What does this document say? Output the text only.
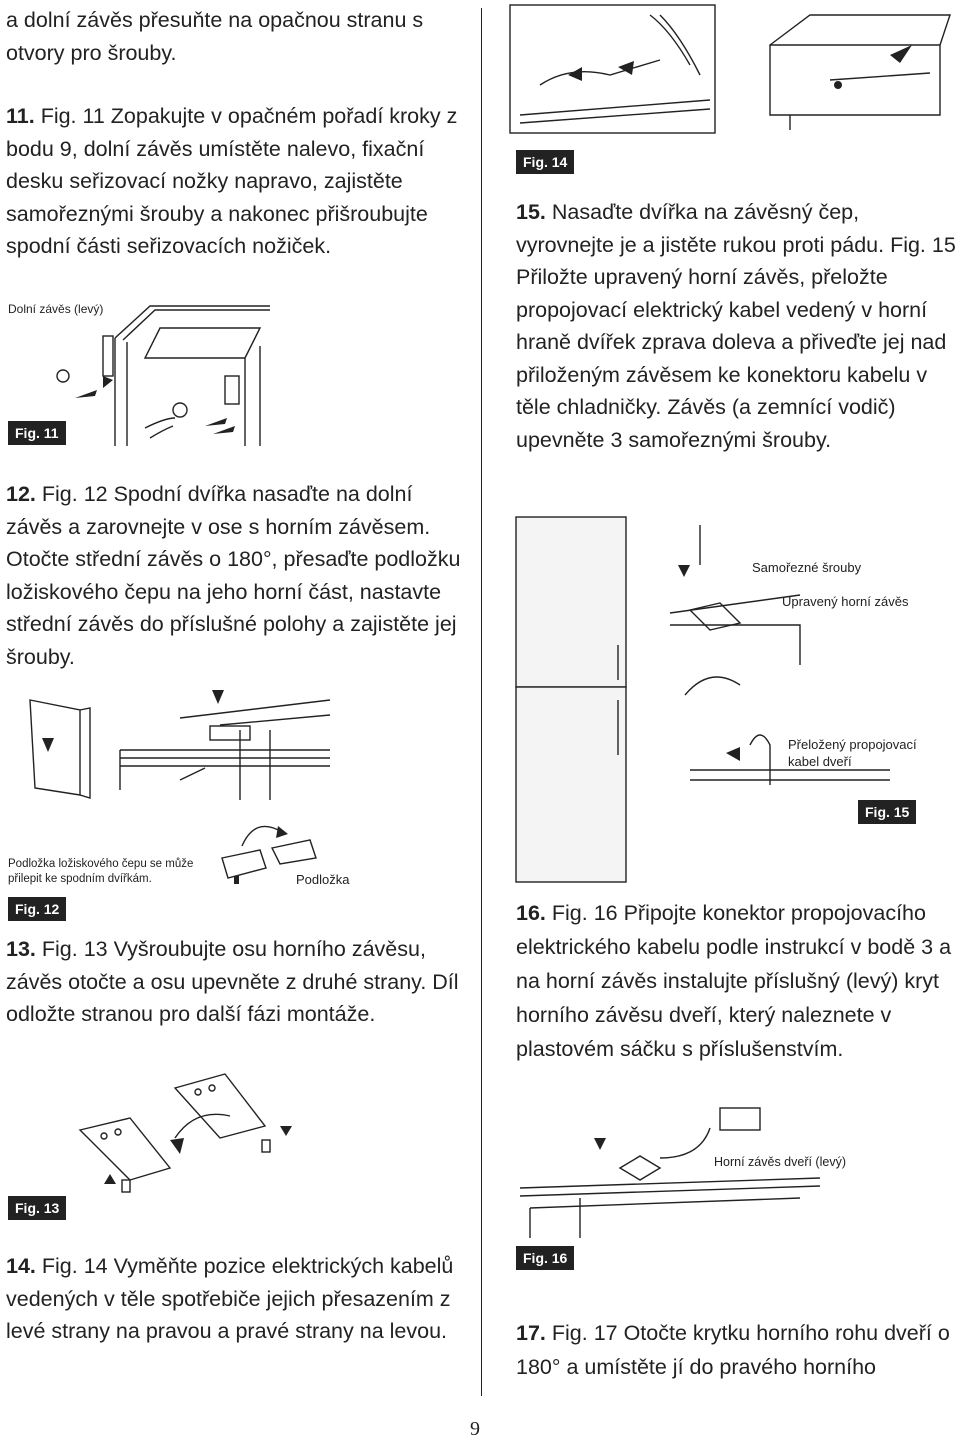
a dolní závěs přesuňte na opačnou stranu s otvory pro šrouby.
11. Fig. 11 Zopakujte v opačném pořadí kroky z bodu 9, dolní závěs umístěte nalevo, fixační desku seřizovací nožky napravo, zajistěte samořeznými šrouby a nakonec přišroubujte spodní části seřizovacích nožiček.
Dolní závěs (levý)
Fig. 11
12. Fig. 12 Spodní dvířka nasaďte na dolní závěs a zarovnejte v ose s horním závěsem. Otočte střední závěs o 180°, přesaďte podložku ložiskového čepu na jeho horní část, nastavte střední závěs do příslušné polohy a zajistěte jej šrouby.
Podložka ložiskového čepu se může přilepit ke spodním dvířkám.
Fig. 12
Podložka
13. Fig. 13 Vyšroubujte osu horního závěsu, závěs otočte a osu upevněte z druhé strany. Díl odložte stranou pro další fázi montáže.
Fig. 13
14. Fig. 14 Vyměňte pozice elektrických kabelů vedených v těle spotřebiče jejich přesazením z levé strany na pravou a pravé strany na levou.
Fig. 14
15. Nasaďte dvířka na závěsný čep, vyrovnejte je a jistěte rukou proti pádu. Fig. 15 Přiložte upravený horní závěs, přeložte propojovací elektrický kabel vedený v horní hraně dvířek zprava doleva a přiveďte jej nad přiloženým závěsem ke konektoru kabelu v těle chladničky. Závěs (a zemnící vodič) upevněte 3 samořeznými šrouby.
Samořezné šrouby
Upravený horní závěs
Přeložený propojovací kabel dveří
Fig. 15
16. Fig. 16 Připojte konektor propojovacího elektrického kabelu podle instrukcí v bodě 3 a na horní závěs instalujte příslušný (levý) kryt horního závěsu dveří, který naleznete v plastovém sáčku s příslušenstvím.
Horní závěs dveří (levý)
Fig. 16
17. Fig. 17 Otočte krytku horního rohu dveří o 180° a umístěte jí do pravého horního
9
